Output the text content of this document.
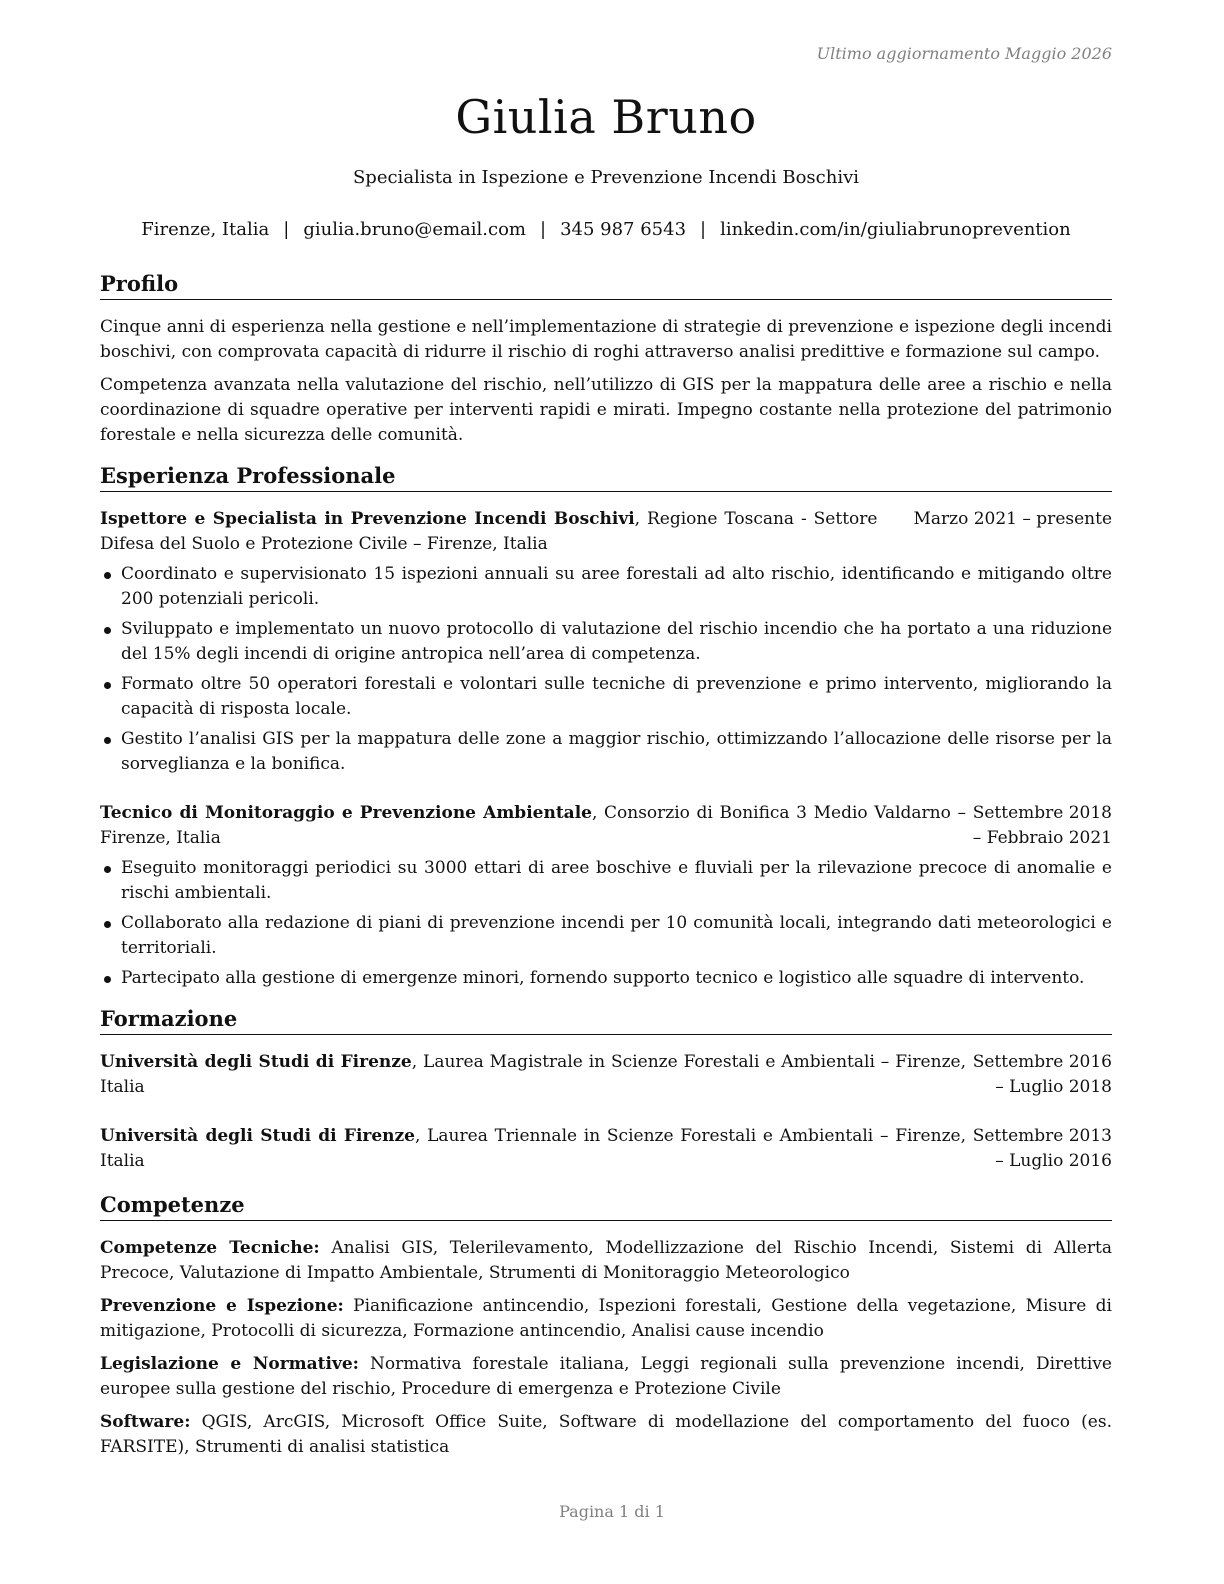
Ultimo aggiornamento Maggio 2026
Giulia Bruno
Specialista in Ispezione e Prevenzione Incendi Boschivi
Firenze, Italia | giulia.bruno@email.com | 345 987 6543 | linkedin.com/in/giuliabrunoprevention
Profilo

Cinque anni di esperienza nella gestione e nell’implementazione di strategie di prevenzione e ispezione degli incendi boschivi, con comprovata capacità di ridurre il rischio di roghi attraverso analisi predittive e formazione sul campo.

Competenza avanzata nella valutazione del rischio, nell’utilizzo di GIS per la mappatura delle aree a rischio e nella coordinazione di squadre operative per interventi rapidi e mirati. Impegno costante nella protezione del patrimonio forestale e nella sicurezza delle comunità.

Esperienza Professionale
Ispettore e Specialista in Prevenzione Incendi Boschivi, Regione Toscana - Settore Difesa del Suolo e Protezione Civile – Firenze, Italia
Marzo 2021 – presente
Coordinato e supervisionato 15 ispezioni annuali su aree forestali ad alto rischio, identificando e mitigando oltre 200 potenziali pericoli.
Sviluppato e implementato un nuovo protocollo di valutazione del rischio incendio che ha portato a una riduzione del 15% degli incendi di origine antropica nell’area di competenza.
Formato oltre 50 operatori forestali e volontari sulle tecniche di prevenzione e primo intervento, migliorando la capacità di risposta locale.
Gestito l’analisi GIS per la mappatura delle zone a maggior rischio, ottimizzando l’allocazione delle risorse per la sorveglianza e la bonifica.
Tecnico di Monitoraggio e Prevenzione Ambientale, Consorzio di Bonifica 3 Medio Valdarno – Firenze, Italia
Settembre 2018 – Febbraio 2021
Eseguito monitoraggi periodici su 3000 ettari di aree boschive e fluviali per la rilevazione precoce di anomalie e rischi ambientali.
Collaborato alla redazione di piani di prevenzione incendi per 10 comunità locali, integrando dati meteorologici e territoriali.
Partecipato alla gestione di emergenze minori, fornendo supporto tecnico e logistico alle squadre di intervento.
Formazione
Università degli Studi di Firenze, Laurea Magistrale in Scienze Forestali e Ambientali – Firenze, Italia
Settembre 2016 – Luglio 2018
Università degli Studi di Firenze, Laurea Triennale in Scienze Forestali e Ambientali – Firenze, Italia
Settembre 2013 – Luglio 2016
Competenze

Competenze Tecniche: Analisi GIS, Telerilevamento, Modellizzazione del Rischio Incendi, Sistemi di Allerta Precoce, Valutazione di Impatto Ambientale, Strumenti di Monitoraggio Meteorologico

Prevenzione e Ispezione: Pianificazione antincendio, Ispezioni forestali, Gestione della vegetazione, Misure di mitigazione, Protocolli di sicurezza, Formazione antincendio, Analisi cause incendio

Legislazione e Normative: Normativa forestale italiana, Leggi regionali sulla prevenzione incendi, Direttive europee sulla gestione del rischio, Procedure di emergenza e Protezione Civile

Software: QGIS, ArcGIS, Microsoft Office Suite, Software di modellazione del comportamento del fuoco (es. FARSITE), Strumenti di analisi statistica

Pagina 1 di 1
